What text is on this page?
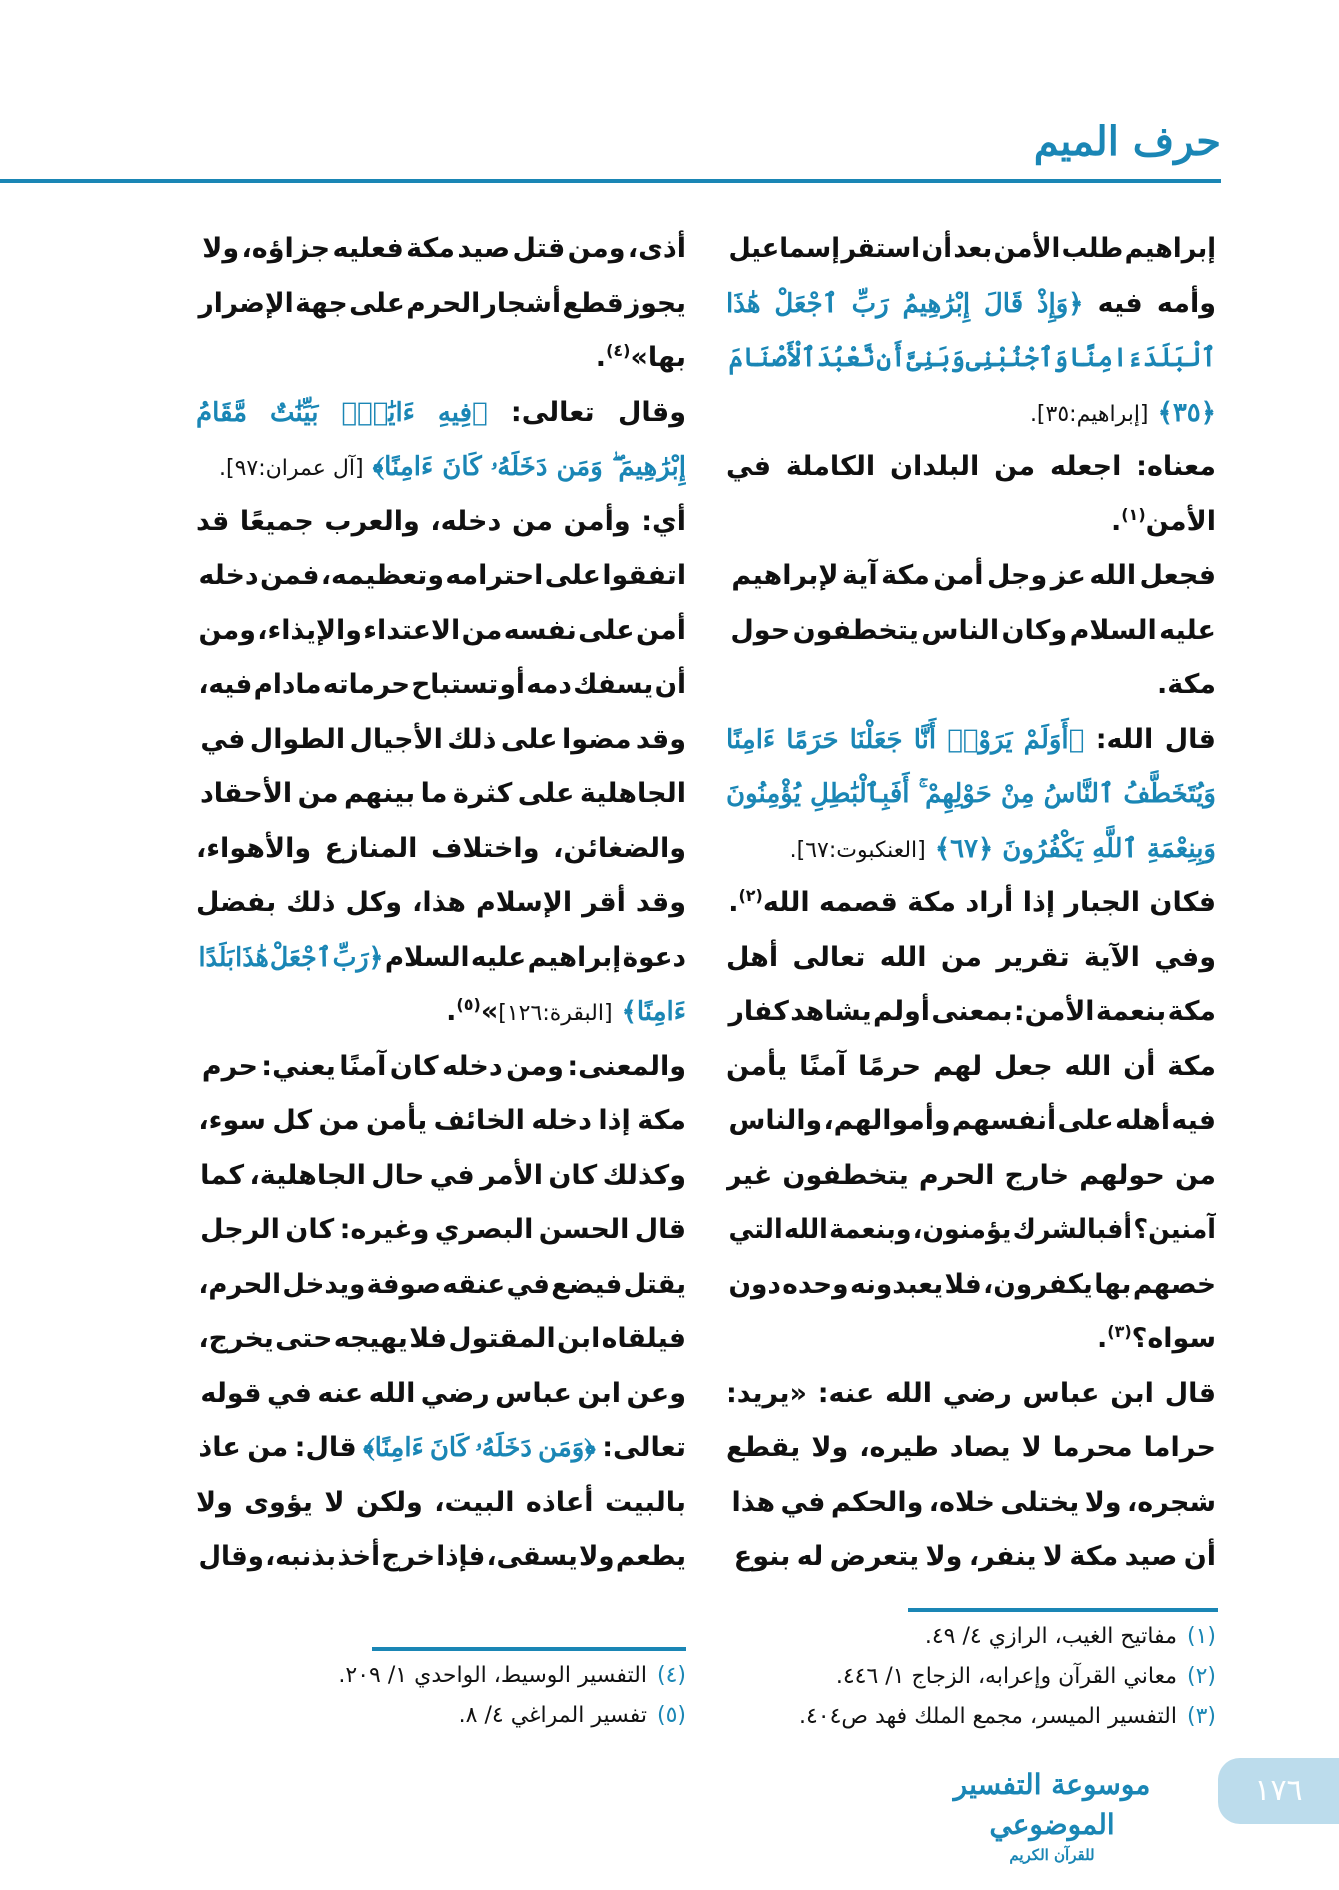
حرف الميم
إبراهيم طلب الأمن بعد أن استقر إسماعيل
وأمه فيه ﴿وَإِذْ قَالَ إِبْرَٰهِيمُ رَبِّ ٱجْعَلْ هَٰذَا
ٱلْبَلَدَ ءَامِنًا وَٱجْنُبْنِى وَبَنِىَّ أَن نَّعْبُدَ ٱلْأَصْنَامَ
﴿٣٥﴾ [إبراهيم:٣٥].
معناه: اجعله من البلدان الكاملة في
الأمن$^{(١)}$.
فجعل الله عز وجل أمن مكة آية لإبراهيم
عليه السلام وكان الناس يتخطفون حول
مكة.
قال الله: ﴿أَوَلَمْ يَرَوْا۟ أَنَّا جَعَلْنَا حَرَمًا ءَامِنًا
وَيُتَخَطَّفُ ٱلنَّاسُ مِنْ حَوْلِهِمْ ۚ أَفَبِٱلْبَٰطِلِ يُؤْمِنُونَ
وَبِنِعْمَةِ ٱللَّهِ يَكْفُرُونَ ﴿٦٧﴾ [العنكبوت:٦٧].
فكان الجبار إذا أراد مكة قصمه الله$^{(٢)}$.
وفي الآية تقرير من الله تعالى أهل
مكة بنعمة الأمن: بمعنى أولم يشاهد كفار
مكة أن الله جعل لهم حرمًا آمنًا يأمن
فيه أهله على أنفسهم وأموالهم، والناس
من حولهم خارج الحرم يتخطفون غير
آمنين؟ أفبالشرك يؤمنون، وبنعمة الله التي
خصهم بها يكفرون، فلا يعبدونه وحده دون
سواه؟$^{(٣)}$.
قال ابن عباس رضي الله عنه: «يريد:
حراما محرما لا يصاد طيره، ولا يقطع
شجره، ولا يختلى خلاه، والحكم في هذا
أن صيد مكة لا ينفر، ولا يتعرض له بنوع
أذى، ومن قتل صيد مكة فعليه جزاؤه، ولا
يجوز قطع أشجار الحرم على جهة الإضرار
بها»$^{(٤)}$.
وقال تعالى: ﴿فِيهِ ءَايَٰتٌۢ بَيِّنَٰتٌ مَّقَامُ
إِبْرَٰهِيمَ ۖ وَمَن دَخَلَهُۥ كَانَ ءَامِنًا﴾ [آل عمران:٩٧].
أي: وأمن من دخله، والعرب جميعًا قد
اتفقوا على احترامه وتعظيمه، فمن دخله
أمن على نفسه من الاعتداء والإيذاء، ومن
أن يسفك دمه أو تستباح حرماته مادام فيه،
وقد مضوا على ذلك الأجيال الطوال في
الجاهلية على كثرة ما بينهم من الأحقاد
والضغائن، واختلاف المنازع والأهواء،
وقد أقر الإسلام هذا، وكل ذلك بفضل
دعوة إبراهيم عليه السلام ﴿رَبِّ ٱجْعَلْ هَٰذَا بَلَدًا
ءَامِنًا﴾ [البقرة:١٢٦]»$^{(٥)}$.
والمعنى: ومن دخله كان آمنًا يعني: حرم
مكة إذا دخله الخائف يأمن من كل سوء،
وكذلك كان الأمر في حال الجاهلية، كما
قال الحسن البصري وغيره: كان الرجل
يقتل فيضع في عنقه صوفة ويدخل الحرم،
فيلقاه ابن المقتول فلا يهيجه حتى يخرج،
وعن ابن عباس رضي الله عنه في قوله
تعالى: ﴿وَمَن دَخَلَهُۥ كَانَ ءَامِنًا﴾ قال: من عاذ
بالبيت أعاذه البيت، ولكن لا يؤوى ولا
يطعم ولا يسقى، فإذا خرج أخذ بذنبه، وقال
(١)مفاتيح الغيب، الرازي ٤/ ٤٩.
(٢)معاني القرآن وإعرابه، الزجاج ١/ ٤٤٦.
(٣)التفسير الميسر، مجمع الملك فهد ص٤٠٤.
(٤)التفسير الوسيط، الواحدي ١/ ٢٠٩.
(٥)تفسير المراغي ٤/ ٨.
موسوعة التفسير الموضوعي
للقرآن الكريم
١٧٦
